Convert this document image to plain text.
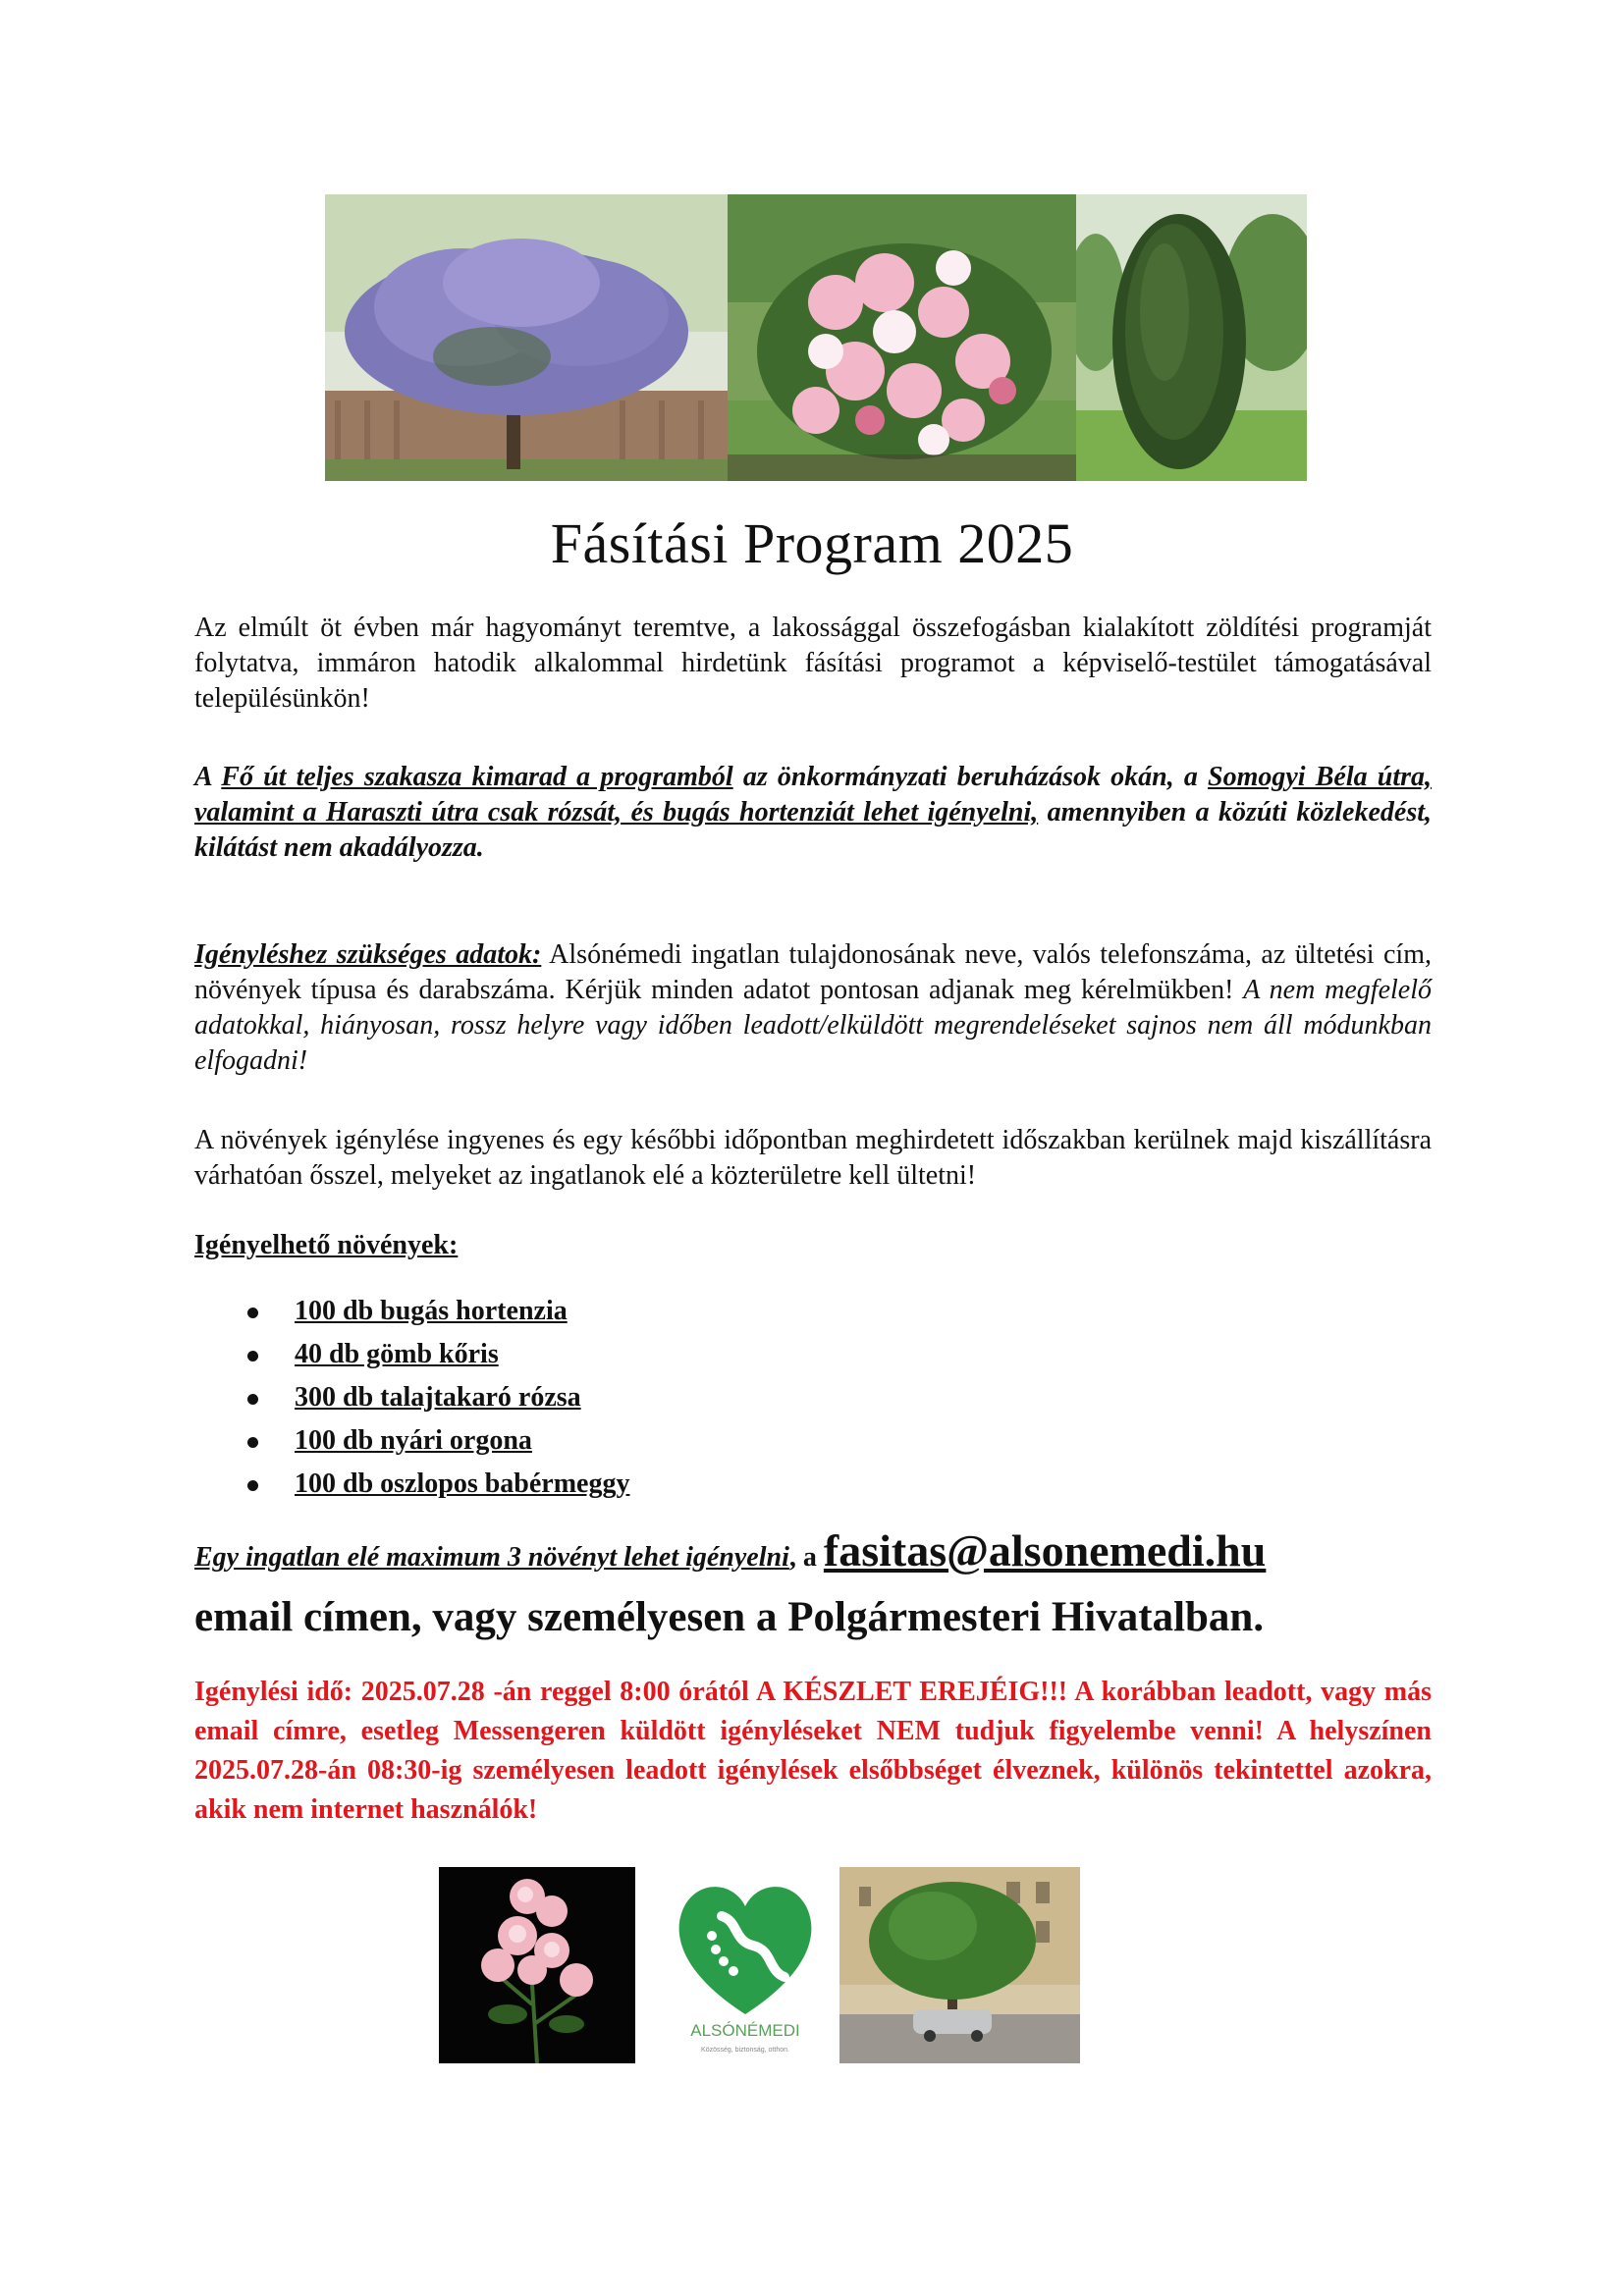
Fásítási Program 2025

Az elmúlt öt évben már hagyományt teremtve, a lakossággal összefogásban kialakított zöldítési programját folytatva, immáron hatodik alkalommal hirdetünk fásítási programot a képviselő-testület támogatásával településünkön!

A Fő út teljes szakasza kimarad a programból az önkormányzati beruházások okán, a Somogyi Béla útra, valamint a Haraszti útra csak rózsát, és bugás hortenziát lehet igényelni, amennyiben a közúti közlekedést, kilátást nem akadályozza.

Igényléshez szükséges adatok: Alsónémedi ingatlan tulajdonosának neve, valós telefonszáma, az ültetési cím, növények típusa és darabszáma. Kérjük minden adatot pontosan adjanak meg kérelmükben! A nem megfelelő adatokkal, hiányosan, rossz helyre vagy időben leadott/elküldött megrendeléseket sajnos nem áll módunkban elfogadni!

A növények igénylése ingyenes és egy későbbi időpontban meghirdetett időszakban kerülnek majd kiszállításra várhatóan ősszel, melyeket az ingatlanok elé a közterületre kell ültetni!

Igényelhető növények:
100 db bugás hortenzia
40 db gömb kőris
300 db talajtakaró rózsa
100 db nyári orgona
100 db oszlopos babérmeggy
Egy ingatlan elé maximum 3 növényt lehet igényelni, a fasitas@alsonemedi.hu
email címen, vagy személyesen a Polgármesteri Hivatalban.

Igénylési idő: 2025.07.28 -án reggel 8:00 órától A KÉSZLET EREJÉIG!!! A korábban leadott, vagy más email címre, esetleg Messengeren küldött igényléseket NEM tudjuk figyelembe venni! A helyszínen 2025.07.28-án 08:30-ig személyesen leadott igénylések elsőbbséget élveznek, különös tekintettel azokra, akik nem internet használók!

ALSÓNÉMEDI
Közösség, biztonság, otthon.
